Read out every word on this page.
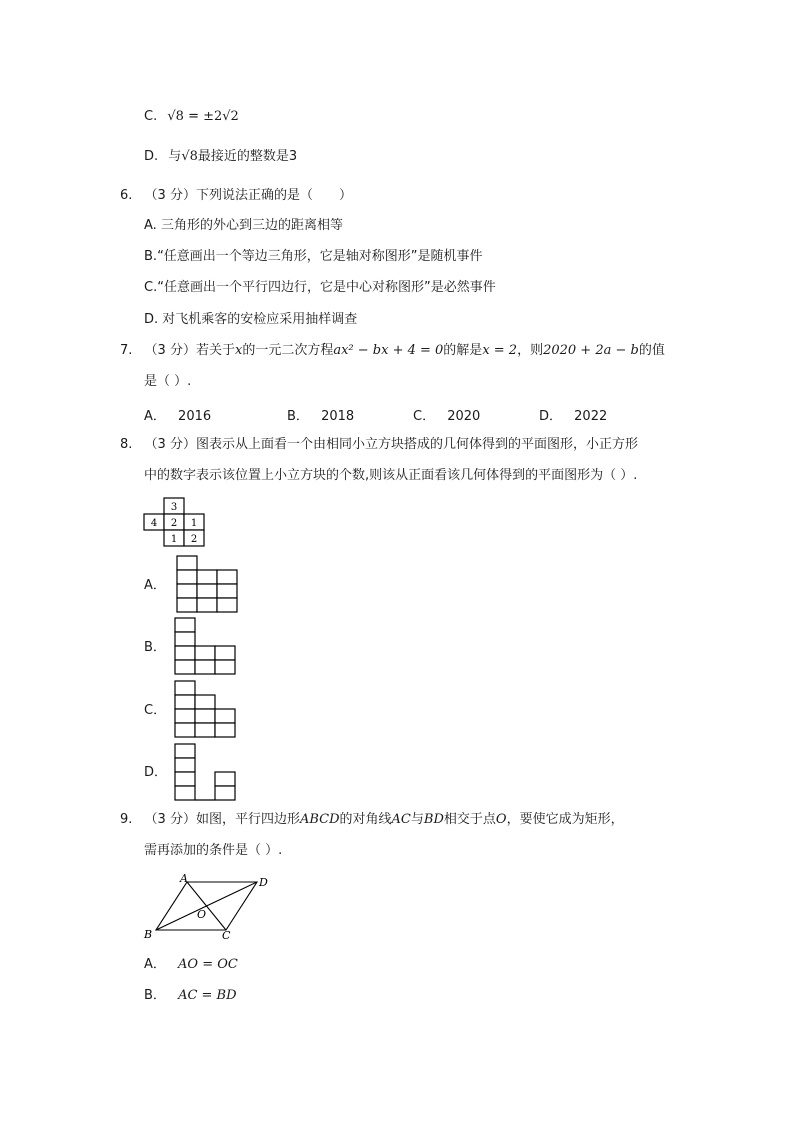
C. √8 = ±2√2
D. 与√8最接近的整数是3
6. （3 分）下列说法正确的是（　　）
A. 三角形的外心到三边的距离相等
B.“任意画出一个等边三角形，它是轴对称图形”是随机事件
C.“任意画出一个平行四边行，它是中心对称图形”是必然事件
D. 对飞机乘客的安检应采用抽样调查
7. （3 分）若关于x的一元二次方程ax² − bx + 4 = 0的解是x = 2，则2020 + 2a − b的值
是（ ）.
A． 2016	B． 2018	C． 2020	D． 2022
8. （3 分）图表示从上面看一个由相同小立方块搭成的几何体得到的平面图形，小正方形
中的数字表示该位置上小立方块的个数,则该从正面看该几何体得到的平面图形为（ ）.
3
4 2 1
1 2
A．
B．
C．
D．
9. （3 分）如图，平行四边形ABCD的对角线AC与BD相交于点O，要使它成为矩形，
需再添加的条件是（ ）.
A	D
O
B	C
A． AO = OC
B． AC = BD
